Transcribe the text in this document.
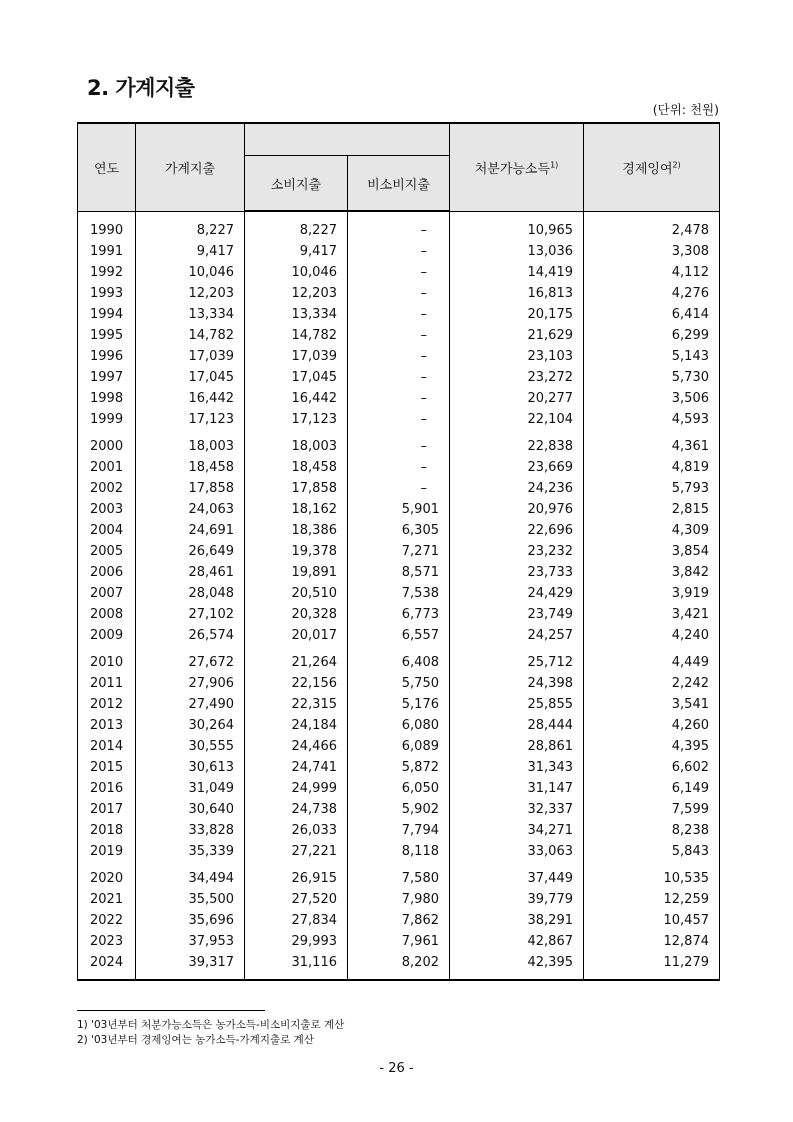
2. 가계지출
(단위: 천원)
연도	가계지출			처분가능소득$^{1)}$	경제잉여$^{2)}$
		소비지출	비소비지출		
1990	8,227	8,227	–	10,965	2,478
1991	9,417	9,417	–	13,036	3,308
1992	10,046	10,046	–	14,419	4,112
1993	12,203	12,203	–	16,813	4,276
1994	13,334	13,334	–	20,175	6,414
1995	14,782	14,782	–	21,629	6,299
1996	17,039	17,039	–	23,103	5,143
1997	17,045	17,045	–	23,272	5,730
1998	16,442	16,442	–	20,277	3,506
1999	17,123	17,123	–	22,104	4,593
2000	18,003	18,003	–	22,838	4,361
2001	18,458	18,458	–	23,669	4,819
2002	17,858	17,858	–	24,236	5,793
2003	24,063	18,162	5,901	20,976	2,815
2004	24,691	18,386	6,305	22,696	4,309
2005	26,649	19,378	7,271	23,232	3,854
2006	28,461	19,891	8,571	23,733	3,842
2007	28,048	20,510	7,538	24,429	3,919
2008	27,102	20,328	6,773	23,749	3,421
2009	26,574	20,017	6,557	24,257	4,240
2010	27,672	21,264	6,408	25,712	4,449
2011	27,906	22,156	5,750	24,398	2,242
2012	27,490	22,315	5,176	25,855	3,541
2013	30,264	24,184	6,080	28,444	4,260
2014	30,555	24,466	6,089	28,861	4,395
2015	30,613	24,741	5,872	31,343	6,602
2016	31,049	24,999	6,050	31,147	6,149
2017	30,640	24,738	5,902	32,337	7,599
2018	33,828	26,033	7,794	34,271	8,238
2019	35,339	27,221	8,118	33,063	5,843
2020	34,494	26,915	7,580	37,449	10,535
2021	35,500	27,520	7,980	39,779	12,259
2022	35,696	27,834	7,862	38,291	10,457
2023	37,953	29,993	7,961	42,867	12,874
2024	39,317	31,116	8,202	42,395	11,279
1) '03년부터 처분가능소득은 농가소득-비소비지출로 계산
2) '03년부터 경제잉여는 농가소득-가계지출로 계산
- 26 -
